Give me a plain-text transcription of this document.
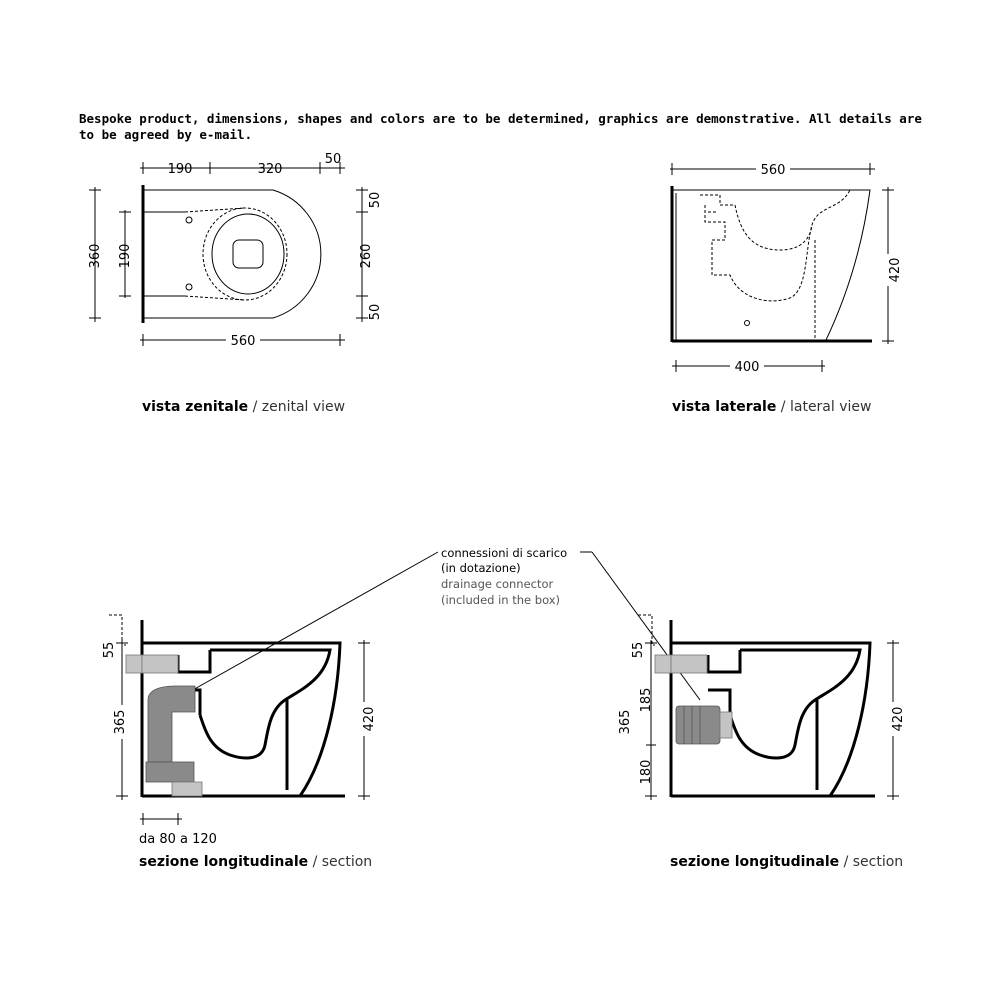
Bespoke product, dimensions, shapes and colors are to be determined, graphics are demonstrative. All details are
to be agreed by e-mail.
190	320
50
360 190
50
260
50
560
vista zenitale / zenital view
560
420
400
vista laterale / lateral view
connessioni di scarico
(in dotazione)
drainage connector
(included in the box)
365
55
420
da 80 a 120
sezione longitudinale / section
365
55
185
180
420
sezione longitudinale / section
